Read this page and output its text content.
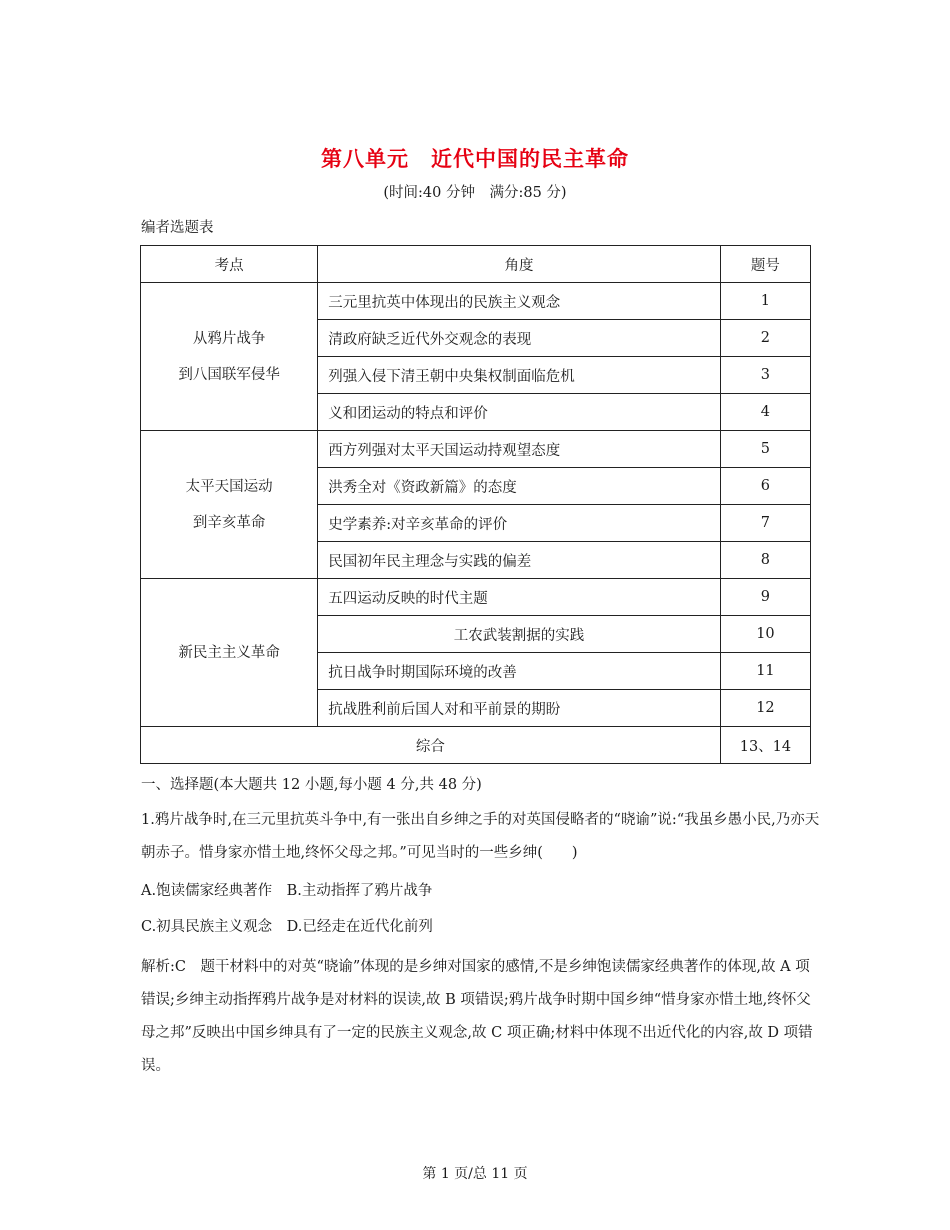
第八单元　近代中国的民主革命
(时间:40 分钟　满分:85 分)
编者选题表
考点	角度	题号

从鸦片战争
到八国联军侵华	三元里抗英中体现出的民族主义观念	1
	清政府缺乏近代外交观念的表现	2
	列强入侵下清王朝中央集权制面临危机	3
	义和团运动的特点和评价	4

太平天国运动
到辛亥革命	西方列强对太平天国运动持观望态度	5
	洪秀全对《资政新篇》的态度	6
	史学素养:对辛亥革命的评价	7
	民国初年民主理念与实践的偏差	8

新民主主义革命	五四运动反映的时代主题	9
	工农武装割据的实践	10
	抗日战争时期国际环境的改善	11
	抗战胜利前后国人对和平前景的期盼	12
综合		13、14
一、选择题(本大题共 12 小题,每小题 4 分,共 48 分)
1.鸦片战争时,在三元里抗英斗争中,有一张出自乡绅之手的对英国侵略者的“晓谕”说:“我虽乡愚小民,乃亦天朝赤子。惜身家亦惜土地,终怀父母之邦。”可见当时的一些乡绅(　　)
A.饱读儒家经典著作　B.主动指挥了鸦片战争
C.初具民族主义观念　D.已经走在近代化前列
解析:C　题干材料中的对英“晓谕”体现的是乡绅对国家的感情,不是乡绅饱读儒家经典著作的体现,故 A 项错误;乡绅主动指挥鸦片战争是对材料的误读,故 B 项错误;鸦片战争时期中国乡绅“惜身家亦惜土地,终怀父母之邦”反映出中国乡绅具有了一定的民族主义观念,故 C 项正确;材料中体现不出近代化的内容,故 D 项错误。
第 1 页/总 11 页
